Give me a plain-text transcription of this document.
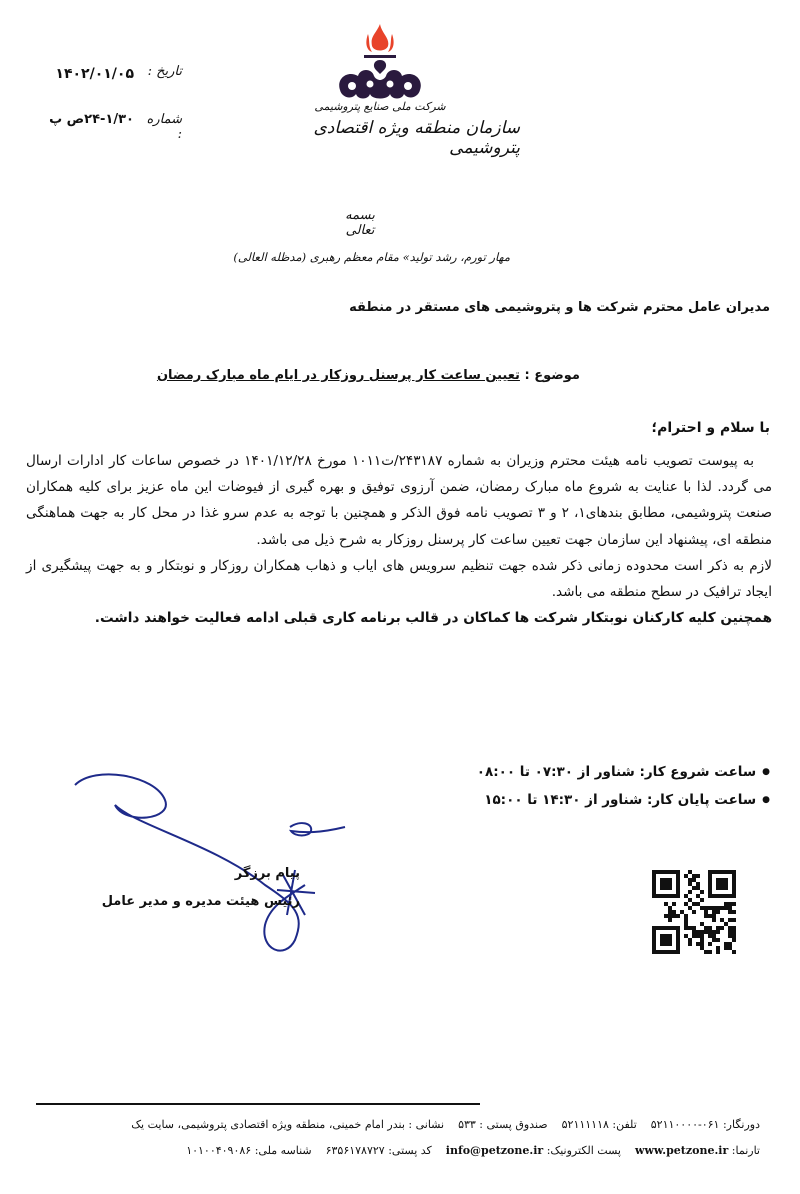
شرکت ملی صنایع پتروشیمی
سازمان منطقه ویژه اقتصادی پتروشیمی
تاریخ :
۱۴۰۲/۰۱/۰۵
شماره :
۲۴-۱/۳۰ص پ
بسمه تعالی
مهار تورم، رشد تولید» مقام معظم رهبری (مدظله العالی)
مدیران عامل محترم شرکت ها و پتروشیمی های مستقر در منطقه
موضوع : تعیین ساعت کار پرسنل روزکار در ایام ماه مبارک رمضان
با سلام و احترام؛

به پیوست تصویب نامه هیئت محترم وزیران به شماره ۲۴۳۱۸۷/ت۱۰۱۱ مورخ ۱۴۰۱/۱۲/۲۸ در خصوص ساعات کار ادارات ارسال می گردد. لذا با عنایت به شروع ماه مبارک رمضان، ضمن آرزوی توفیق و بهره گیری از فیوضات این ماه عزیز برای کلیه همکاران صنعت پتروشیمی، مطابق بندهای۱، ۲ و ۳ تصویب نامه فوق الذکر و همچنین با توجه به عدم سرو غذا در محل کار به جهت هماهنگی منطقه ای، پیشنهاد این سازمان جهت تعیین ساعت کار پرسنل روزکار به شرح ذیل می باشد.

لازم به ذکر است محدوده زمانی ذکر شده جهت تنظیم سرویس های ایاب و ذهاب همکاران روزکار و نوبتکار و به جهت پیشگیری از ایجاد ترافیک در سطح منطقه می باشد.

همچنین کلیه کارکنان نوبتکار شرکت ها کماکان در قالب برنامه کاری قبلی ادامه فعالیت خواهند داشت.

● ساعت شروع کار: شناور از ۰۷:۳۰ تا ۰۸:۰۰
● ساعت پایان کار: شناور از ۱۴:۳۰ تا ۱۵:۰۰
پیام برزگر
رئیس هیئت مدیره و مدیر عامل
نشانی : بندر امام خمینی، منطقه ویژه اقتصادی پتروشیمی، سایت یک صندوق پستی : ۵۳۳ تلفن: ۵۲۱۱۱۱۱۸ دورنگار: ۰۶۱-۵۲۱۱۰۰۰۰
شناسه ملی: ۱۰۱۰۰۴۰۹۰۸۶ کد پستی: ۶۳۵۶۱۷۸۷۲۷	پست الکترونیک: info@petzone.ir	تارنما: www.petzone.ir
